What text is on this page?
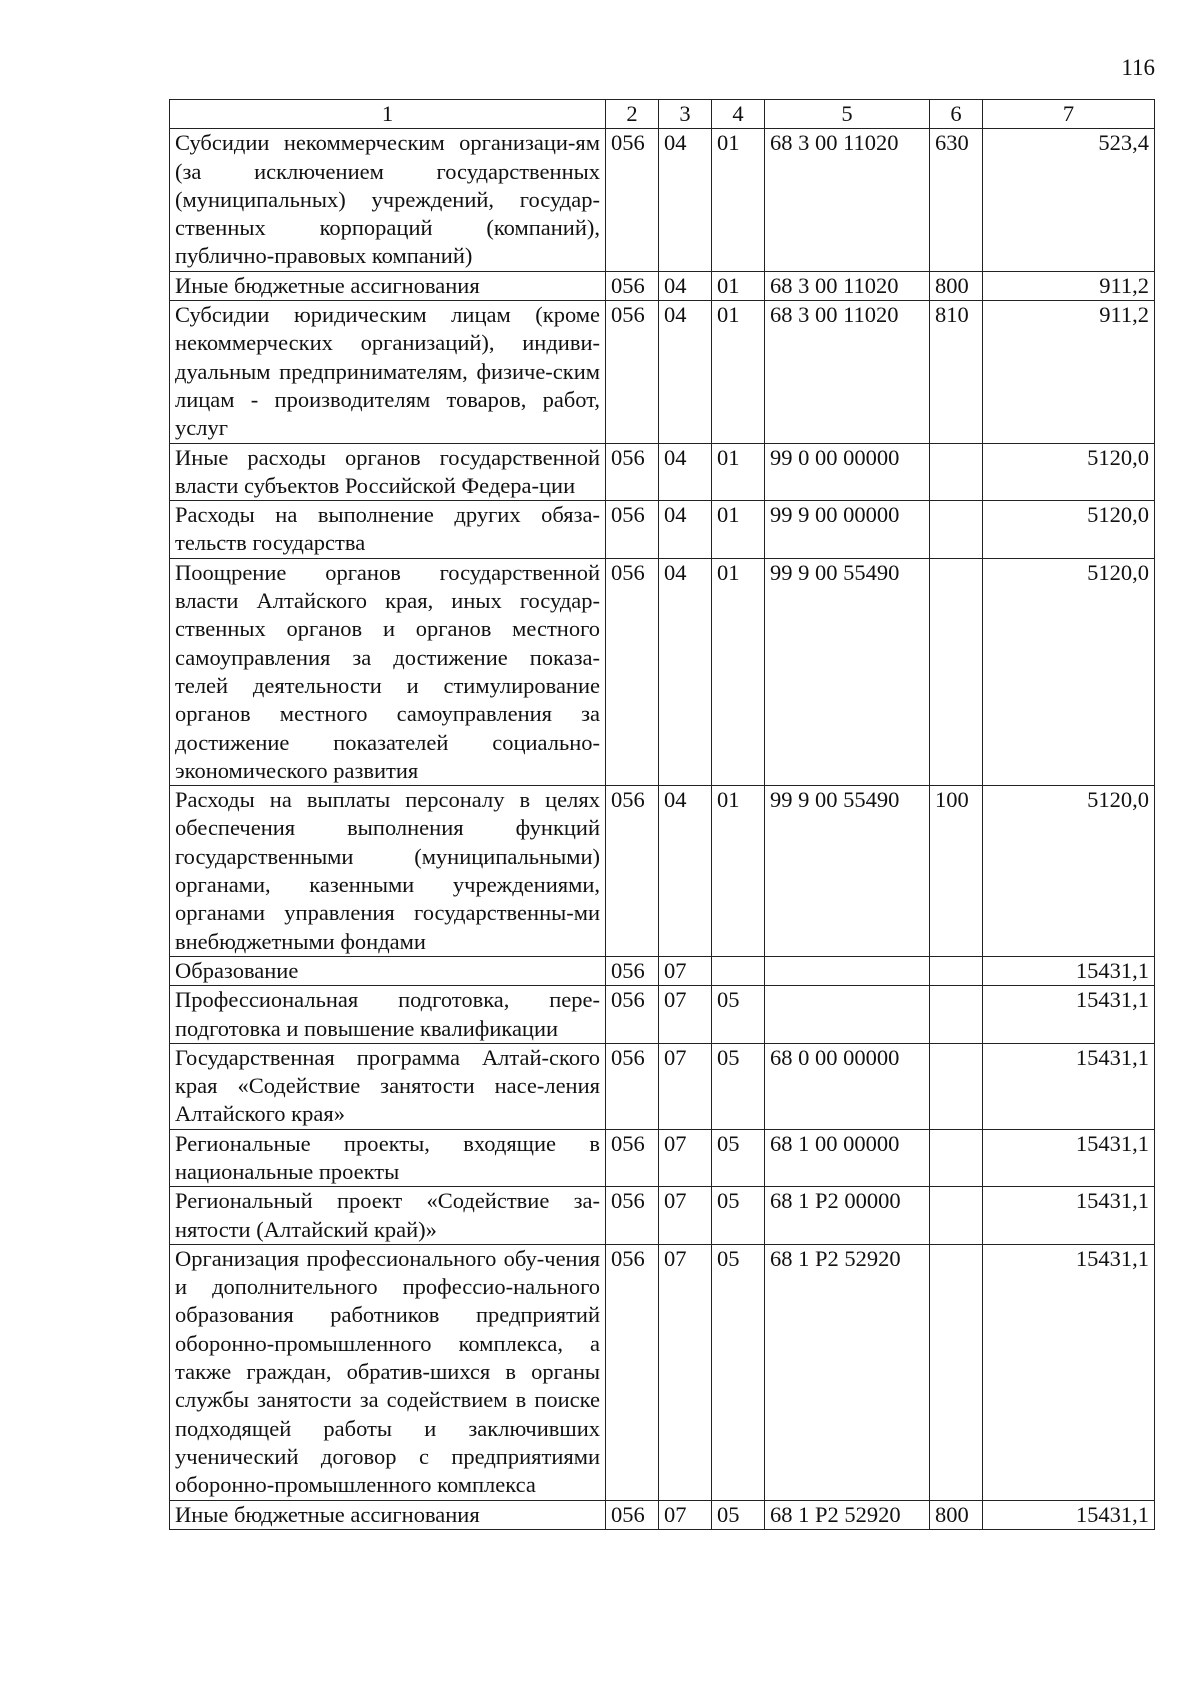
116
1	2	3	4	5	6	7
Субсидии некоммерческим организаци-ям (за исключением государственных (муниципальных) учреждений, государ-ственных корпораций (компаний), публично-правовых компаний)	056	04	01	68 3 00 11020	630	523,4
Иные бюджетные ассигнования	056	04	01	68 3 00 11020	800	911,2
Субсидии юридическим лицам (кроме некоммерческих организаций), индиви-дуальным предпринимателям, физиче-ским лицам - производителям товаров, работ, услуг	056	04	01	68 3 00 11020	810	911,2
Иные расходы органов государственной власти субъектов Российской Федера-ции	056	04	01	99 0 00 00000		5120,0
Расходы на выполнение других обяза-тельств государства	056	04	01	99 9 00 00000		5120,0
Поощрение органов государственной власти Алтайского края, иных государ-ственных органов и органов местного самоуправления за достижение показа-телей деятельности и стимулирование органов местного самоуправления за достижение показателей социально-экономического развития	056	04	01	99 9 00 55490		5120,0
Расходы на выплаты персоналу в целях обеспечения выполнения функций государственными (муниципальными) органами, казенными учреждениями, органами управления государственны-ми внебюджетными фондами	056	04	01	99 9 00 55490	100	5120,0
Образование	056	07				15431,1
Профессиональная подготовка, пере-подготовка и повышение квалификации	056	07	05			15431,1
Государственная программа Алтай-ского края «Содействие занятости насе-ления Алтайского края»	056	07	05	68 0 00 00000		15431,1
Региональные проекты, входящие в национальные проекты	056	07	05	68 1 00 00000		15431,1
Региональный проект «Содействие за-нятости (Алтайский край)»	056	07	05	68 1 P2 00000		15431,1
Организация профессионального обу-чения и дополнительного профессио-нального образования работников предприятий оборонно-промышленного комплекса, а также граждан, обратив-шихся в органы службы занятости за содействием в поиске подходящей работы и заключивших ученический договор с предприятиями оборонно-промышленного комплекса	056	07	05	68 1 P2 52920		15431,1
Иные бюджетные ассигнования	056	07	05	68 1 P2 52920	800	15431,1
